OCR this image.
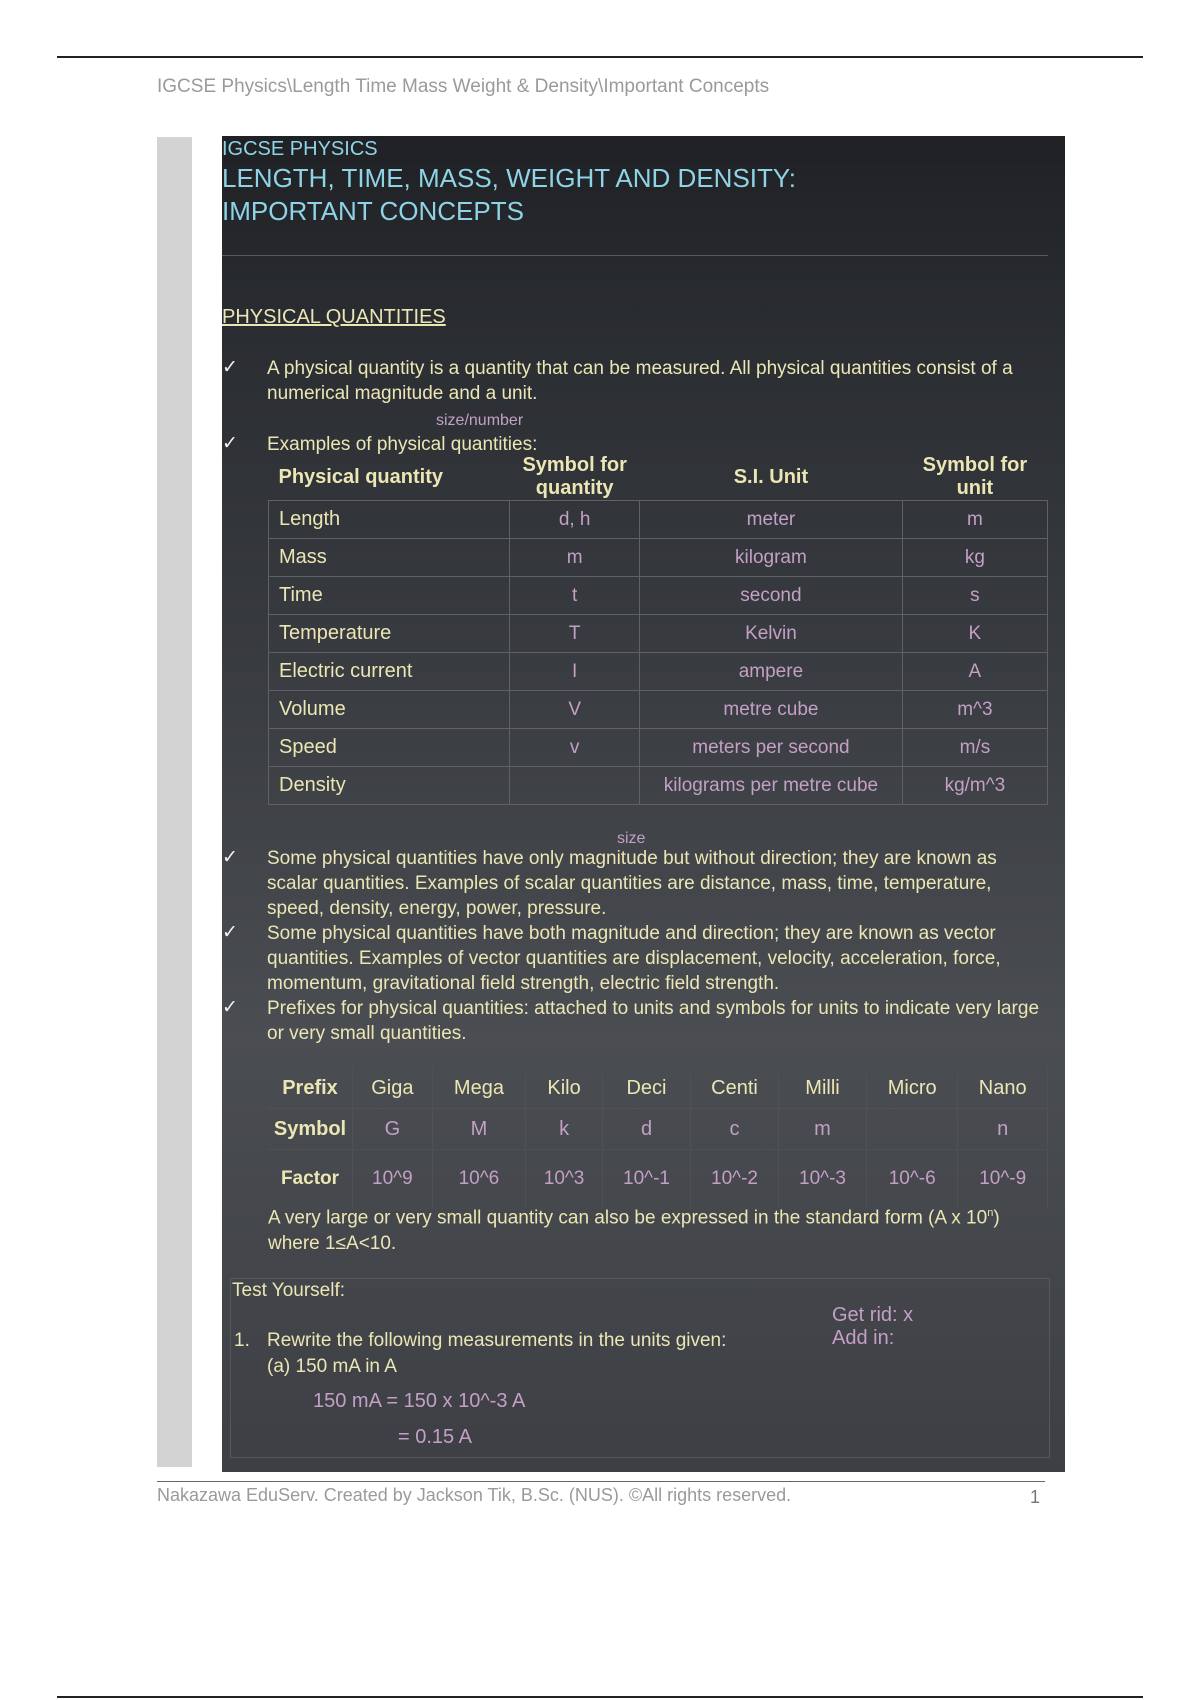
IGCSE Physics\Length Time Mass Weight & Density\Important Concepts
IGCSE PHYSICS
LENGTH, TIME, MASS, WEIGHT AND DENSITY:
IMPORTANT CONCEPTS
PHYSICAL QUANTITIES
✓ A physical quantity is a quantity that can be measured. All physical quantities consist of a numerical magnitude and a unit.
size/number
✓ Examples of physical quantities:
Physical quantity	Symbol for quantity	S.I. Unit	Symbol for unit
Length	d, h	meter	m
Mass	m	kilogram	kg
Time	t	second	s
Temperature	T	Kelvin	K
Electric current	I	ampere	A
Volume	V	metre cube	m^3
Speed	v	meters per second	m/s
Density		kilograms per metre cube	kg/m^3
size
✓ Some physical quantities have only magnitude but without direction; they are known as scalar quantities. Examples of scalar quantities are distance, mass, time, temperature, speed, density, energy, power, pressure.
✓ Some physical quantities have both magnitude and direction; they are known as vector quantities. Examples of vector quantities are displacement, velocity, acceleration, force, momentum, gravitational field strength, electric field strength.
✓ Prefixes for physical quantities: attached to units and symbols for units to indicate very large or very small quantities.
Prefix	Giga	Mega	Kilo	Deci	Centi	Milli	Micro	Nano
Symbol	G	M	k	d	c	m		n
Factor	10^9	10^6	10^3	10^-1	10^-2	10^-3	10^-6	10^-9
A very large or very small quantity can also be expressed in the standard form (A x 10$^n$) where 1≤A<10.
Test Yourself:
Get rid: x
Add in:
1. Rewrite the following measurements in the units given:
(a) 150 mA in A
150 mA = 150 x 10^-3 A
= 0.15 A
Nakazawa EduServ. Created by Jackson Tik, B.Sc. (NUS). ©All rights reserved.	1
